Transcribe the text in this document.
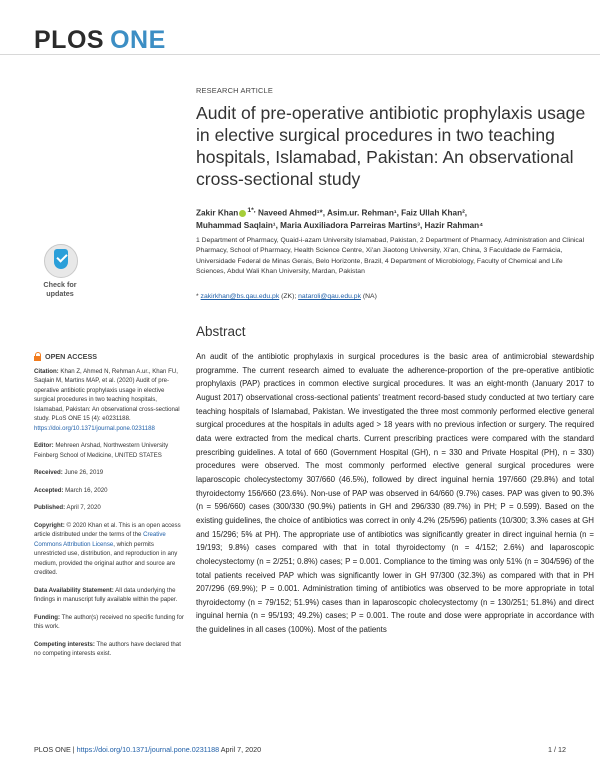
PLOS ONE
RESEARCH ARTICLE
Audit of pre-operative antibiotic prophylaxis usage in elective surgical procedures in two teaching hospitals, Islamabad, Pakistan: An observational cross-sectional study
Zakir Khan $^{1*,}$ Naveed Ahmed¹*, Asim.ur. Rehman¹, Faiz Ullah Khan²,
Muhammad Saqlain¹, Maria Auxiliadora Parreiras Martins³, Hazir Rahman⁴
1 Department of Pharmacy, Quaid-i-azam University Islamabad, Pakistan, 2 Department of Pharmacy, Administration and Clinical Pharmacy, School of Pharmacy, Health Science Centre, Xi'an Jiaotong University, Xi'an, China, 3 Faculdade de Farmácia, Universidade Federal de Minas Gerais, Belo Horizonte, Brazil, 4 Department of Microbiology, Faculty of Chemical and Life Sciences, Abdul Wali Khan University, Mardan, Pakistan
* zakirkhan@bs.qau.edu.pk (ZK); nataroli@qau.edu.pk (NA)
Check for updates
Abstract

An audit of the antibiotic prophylaxis in surgical procedures is the basic area of antimicrobial stewardship programme. The current research aimed to evaluate the adherence-proportion of the pre-operative antibiotic prophylaxis (PAP) practices in common elective surgical procedures. It was an eight-month (January 2017 to August 2017) observational cross-sectional patients' treatment record-based study conducted at two tertiary care teaching hospitals of Islamabad, Pakistan. We investigated the three most commonly performed elective general surgical procedures at the hospitals in adults aged > 18 years with no previous infection or surgery. The required data were extracted from the medical charts. Current prescribing practices were compared with the standard prescribing guidelines. A total of 660 (Government Hospital (GH), n = 330 and Private Hospital (PH), n = 330) procedures were observed. The most commonly performed elective general surgical procedures were laparoscopic cholecystectomy 307/660 (46.5%), followed by direct inguinal hernia 197/660 (29.8%) and total thyroidectomy 156/660 (23.6%). Non-use of PAP was observed in 64/660 (9.7%) cases. PAP was given to 90.3% (n = 596/660) cases (300/330 (90.9%) patients in GH and 296/330 (89.7%) in PH; P = 0.599). Based on the existing guidelines, the choice of antibiotics was correct in only 4.2% (25/596) patients (10/300; 3.3% cases at GH and 15/296; 5% at PH). The appropriate use of antibiotics was significantly greater in direct inguinal hernia (n = 19/193; 9.8%) cases compared with that in total thyroidectomy (n = 4/152; 2.6%) and laparoscopic cholecystectomy (n = 2/251; 0.8%) cases; P = 0.001. Compliance to the timing was only 51% (n = 304/596) of the total patients received PAP which was significantly lower in GH 97/300 (32.3%) as compared with that in PH 207/296 (69.9%); P = 0.001. Administration timing of antibiotics was observed to be more appropriate in total thyroidectomy (n = 79/152; 51.9%) cases than in laparoscopic cholecystectomy (n = 130/251; 51.8%) and direct inguinal hernia (n = 95/193; 49.2%) cases; P = 0.001. The route and dose were appropriate in accordance with the guidelines in all cases (100%). Most of the patients

OPEN ACCESS
Citation: Khan Z, Ahmed N, Rehman A.ur., Khan FU, Saqlain M, Martins MAP, et al. (2020) Audit of pre-operative antibiotic prophylaxis usage in elective surgical procedures in two teaching hospitals, Islamabad, Pakistan: An observational cross-sectional study. PLoS ONE 15 (4): e0231188. https://doi.org/10.1371/journal.pone.0231188
Editor: Mehreen Arshad, Northwestern University Feinberg School of Medicine, UNITED STATES
Received: June 26, 2019
Accepted: March 16, 2020
Published: April 7, 2020
Copyright: © 2020 Khan et al. This is an open access article distributed under the terms of the Creative Commons Attribution License, which permits unrestricted use, distribution, and reproduction in any medium, provided the original author and source are credited.
Data Availability Statement: All data underlying the findings in manuscript fully available within the paper.
Funding: The author(s) received no specific funding for this work.
Competing interests: The authors have declared that no competing interests exist.
PLOS ONE | https://doi.org/10.1371/journal.pone.0231188 April 7, 2020	1 / 12
